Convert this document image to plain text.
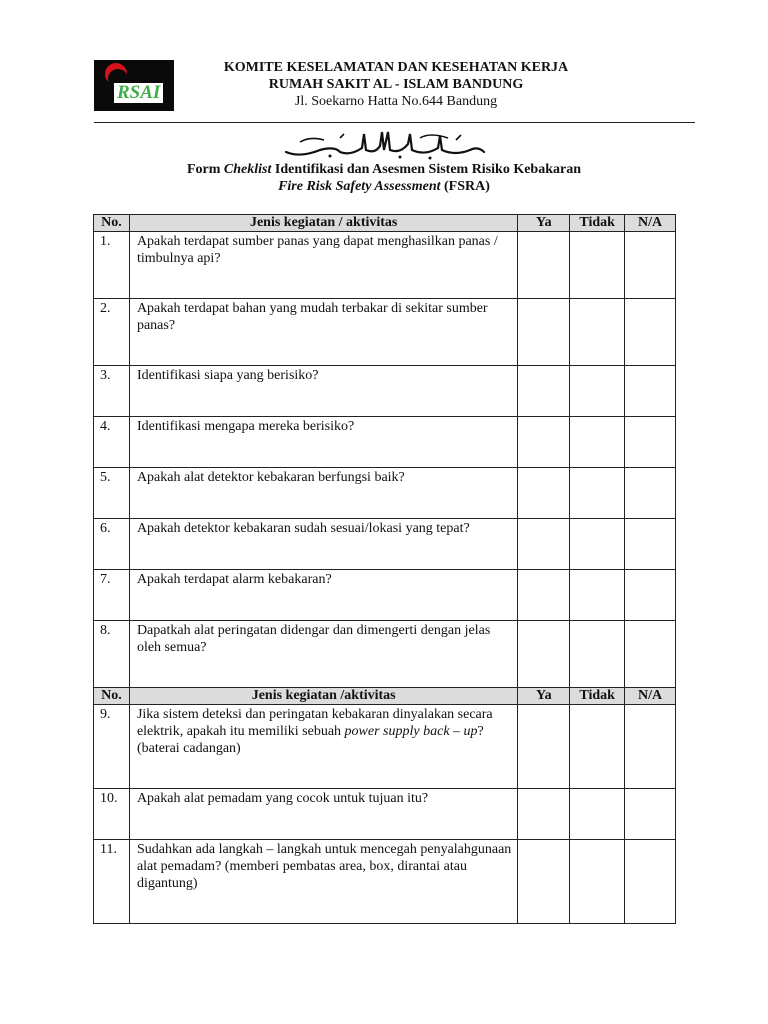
RSAI
KOMITE KESELAMATAN DAN KESEHATAN KERJA
RUMAH SAKIT AL - ISLAM BANDUNG
Jl. Soekarno Hatta No.644 Bandung
Form Cheklist Identifikasi dan Asesmen Sistem Risiko Kebakaran
Fire Risk Safety Assessment (FSRA)
No.	Jenis kegiatan / aktivitas	Ya	Tidak	N/A
1.	Apakah terdapat sumber panas yang dapat menghasilkan panas / timbulnya api?			
2.	Apakah terdapat bahan yang mudah terbakar di sekitar sumber panas?			
3.	Identifikasi siapa yang berisiko?			
4.	Identifikasi mengapa mereka berisiko?			
5.	Apakah alat detektor kebakaran berfungsi baik?			
6.	Apakah detektor kebakaran sudah sesuai/lokasi yang tepat?			
7.	Apakah terdapat alarm kebakaran?			
8.	Dapatkah alat peringatan didengar dan dimengerti dengan jelas oleh semua?			
No.	Jenis kegiatan /aktivitas	Ya	Tidak	N/A
9.	Jika sistem deteksi dan peringatan kebakaran dinyalakan secara elektrik, apakah itu memiliki sebuah power supply back – up? (baterai cadangan)			
10.	Apakah alat pemadam yang cocok untuk tujuan itu?			
11.	Sudahkan ada langkah – langkah untuk mencegah penyalahgunaan alat pemadam? (memberi pembatas area, box, dirantai atau digantung)			
